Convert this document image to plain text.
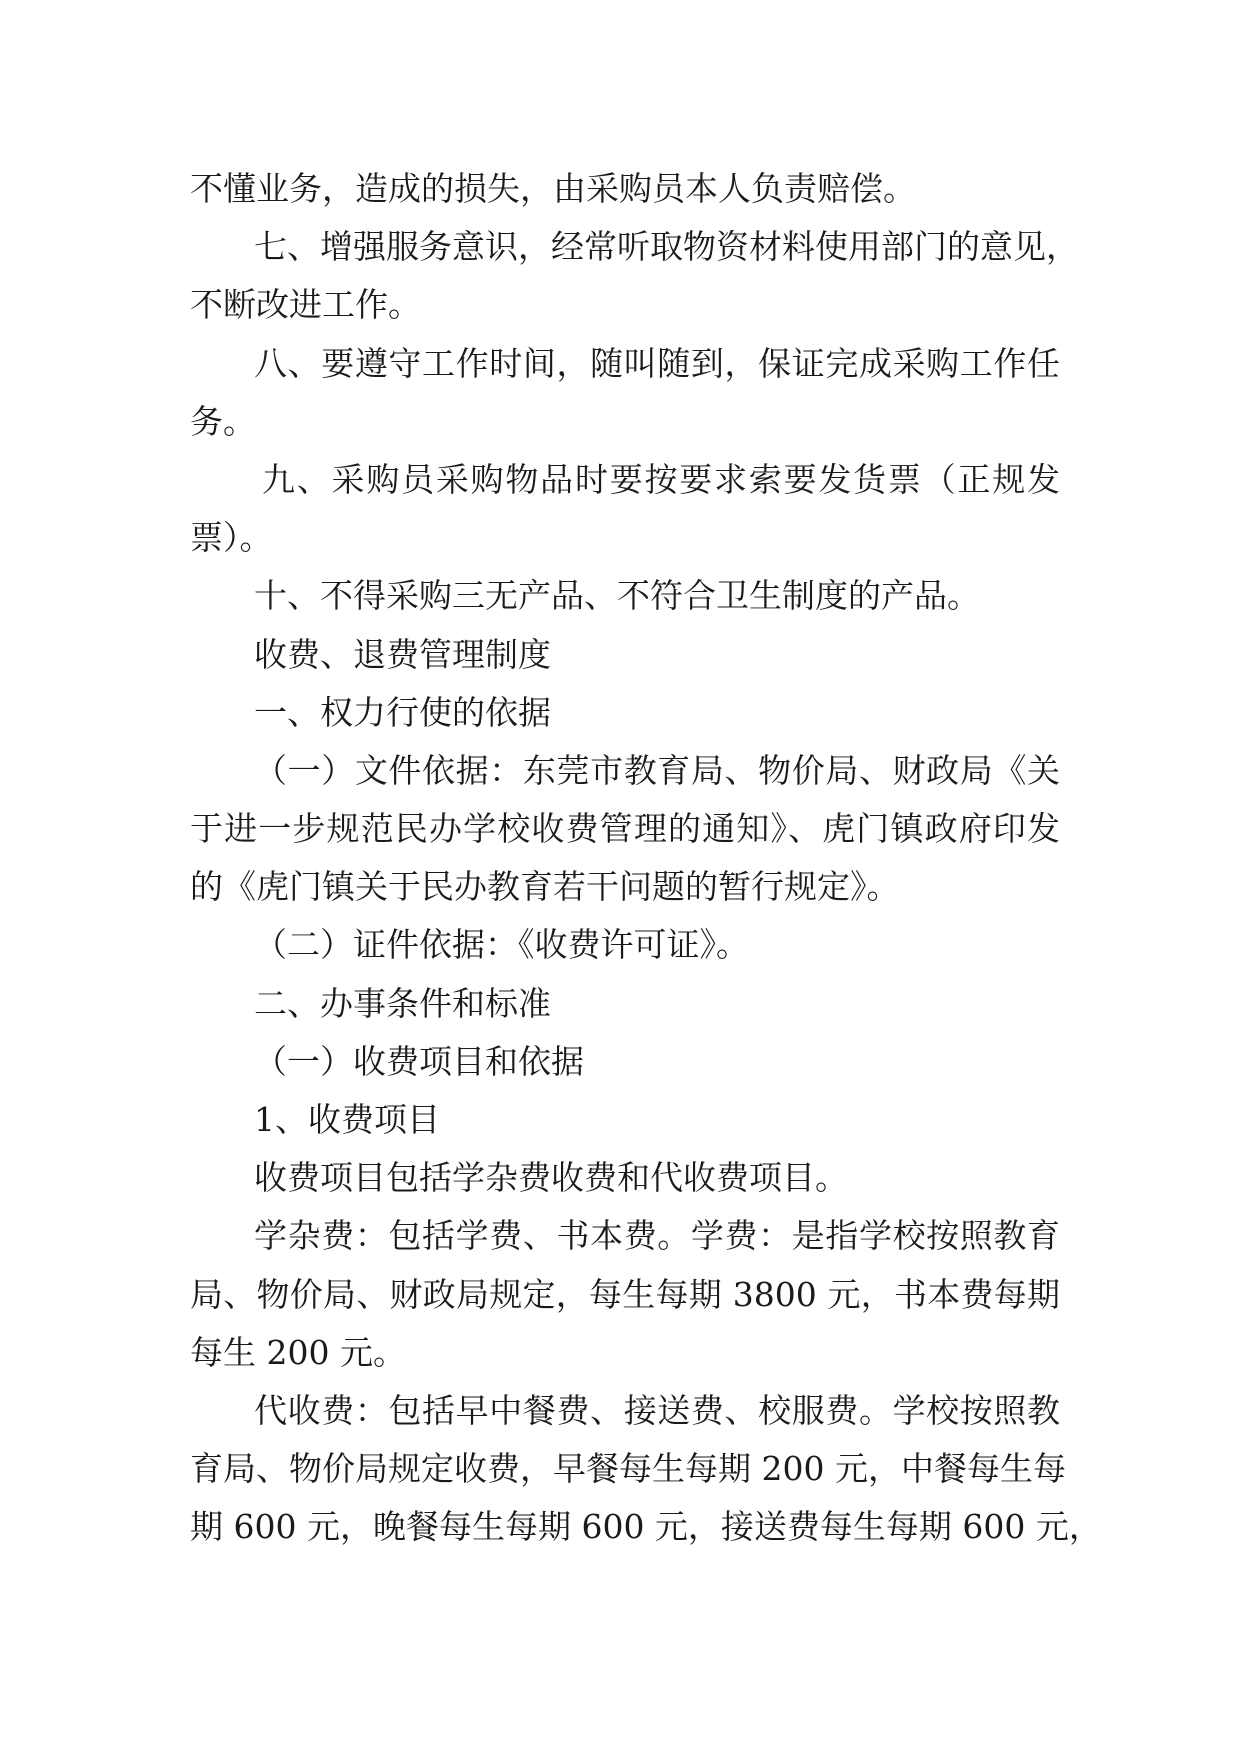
不懂业务，造成的损失，由采购员本人负责赔偿。
七、增强服务意识，经常听取物资材料使用部门的意见，
不断改进工作。
八、要遵守工作时间，随叫随到，保证完成采购工作任
务。
九、采购员采购物品时要按要求索要发货票（正规发
票）。
十、不得采购三无产品、不符合卫生制度的产品。
收费、退费管理制度
一、权力行使的依据
（一）文件依据：东莞市教育局、物价局、财政局《关
于进一步规范民办学校收费管理的通知》、虎门镇政府印发
的《虎门镇关于民办教育若干问题的暂行规定》。
（二）证件依据：《收费许可证》。
二、办事条件和标准
（一）收费项目和依据
1、收费项目
收费项目包括学杂费收费和代收费项目。
学杂费：包括学费、书本费。学费：是指学校按照教育
局、物价局、财政局规定，每生每期 3800 元，书本费每期
每生 200 元。
代收费：包括早中餐费、接送费、校服费。学校按照教
育局、物价局规定收费，早餐每生每期 200 元，中餐每生每
期 600 元，晚餐每生每期 600 元，接送费每生每期 600 元，
